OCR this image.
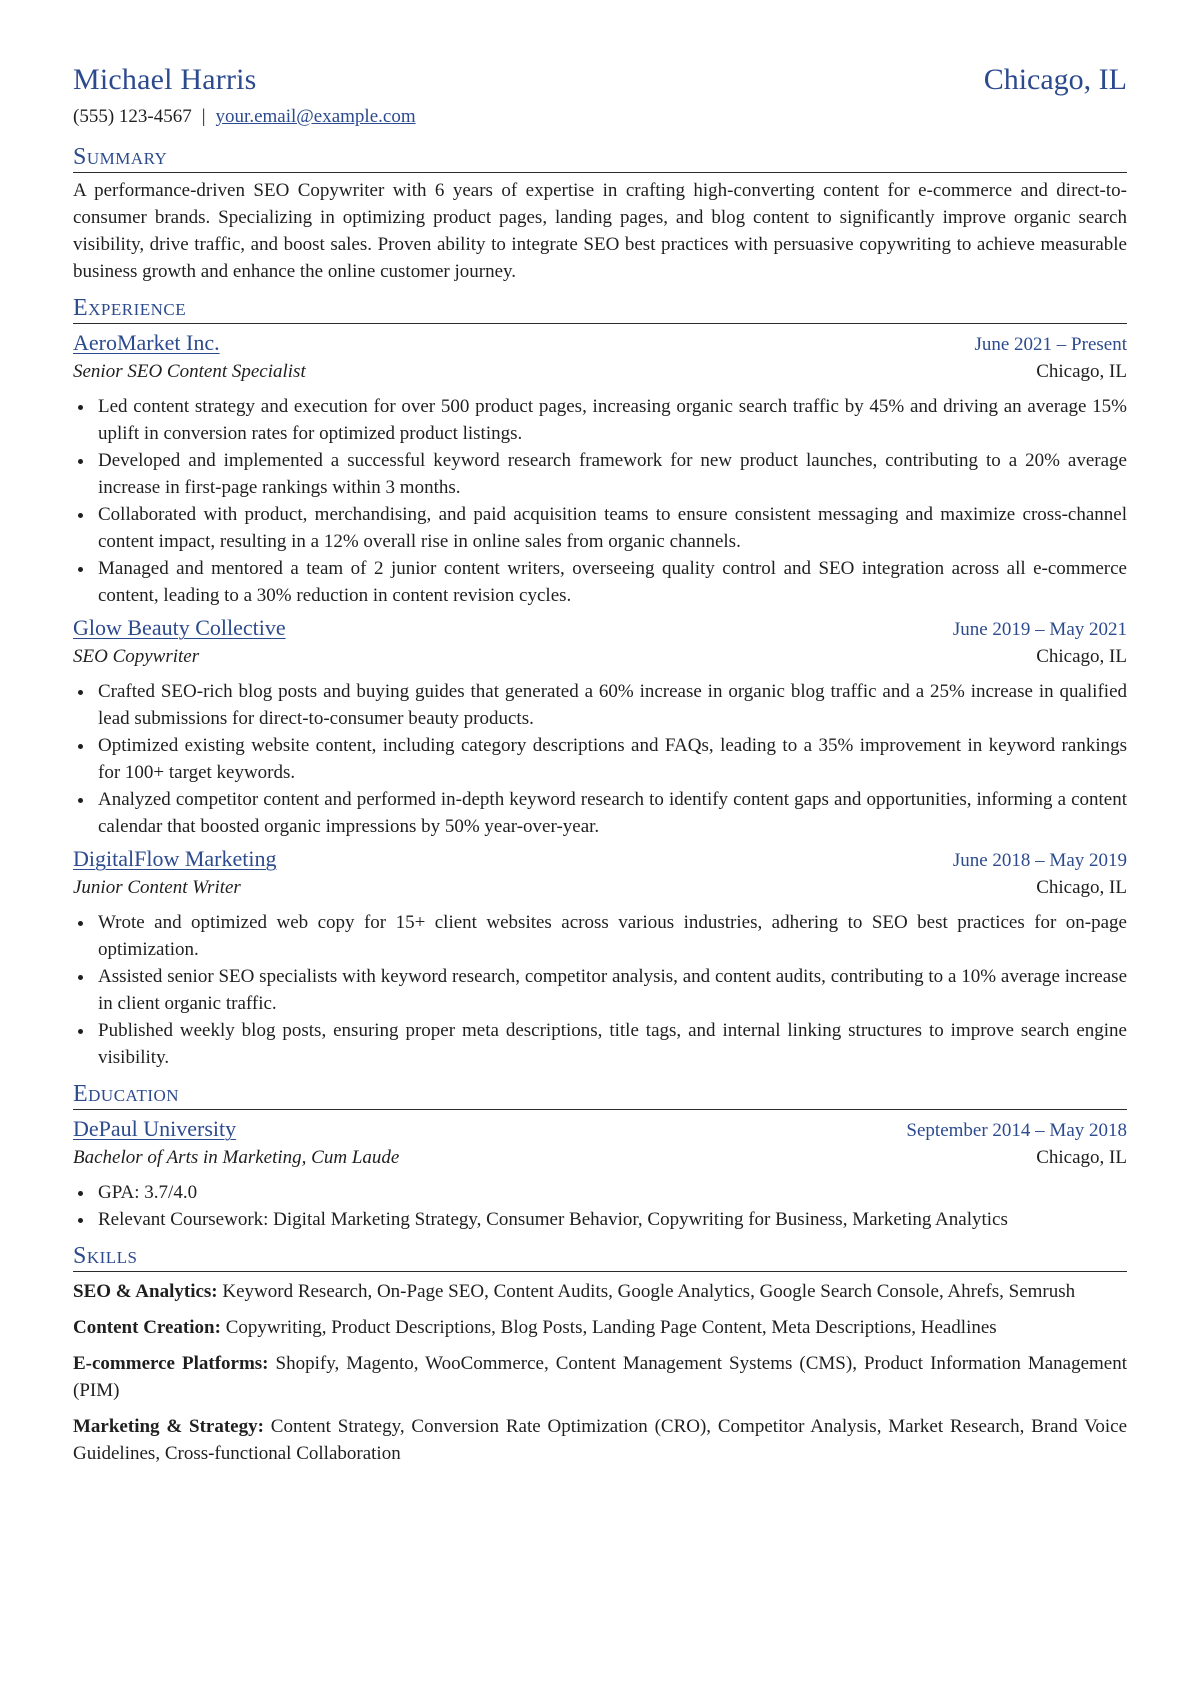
Michael Harris	Chicago, IL
(555) 123-4567 | your.email@example.com
Summary
A performance-driven SEO Copywriter with 6 years of expertise in crafting high-converting content for e-commerce and direct-to-consumer brands. Specializing in optimizing product pages, landing pages, and blog content to significantly improve organic search visibility, drive traffic, and boost sales. Proven ability to integrate SEO best practices with persuasive copywriting to achieve measurable business growth and enhance the online customer journey.
Experience
AeroMarket Inc.	June 2021 – Present
Senior SEO Content Specialist	Chicago, IL
Led content strategy and execution for over 500 product pages, increasing organic search traffic by 45% and driving an average 15% uplift in conversion rates for optimized product listings.
Developed and implemented a successful keyword research framework for new product launches, contributing to a 20% average increase in first-page rankings within 3 months.
Collaborated with product, merchandising, and paid acquisition teams to ensure consistent messaging and maximize cross-channel content impact, resulting in a 12% overall rise in online sales from organic channels.
Managed and mentored a team of 2 junior content writers, overseeing quality control and SEO integration across all e-commerce content, leading to a 30% reduction in content revision cycles.
Glow Beauty Collective	June 2019 – May 2021
SEO Copywriter	Chicago, IL
Crafted SEO-rich blog posts and buying guides that generated a 60% increase in organic blog traffic and a 25% increase in qualified lead submissions for direct-to-consumer beauty products.
Optimized existing website content, including category descriptions and FAQs, leading to a 35% improvement in keyword rankings for 100+ target keywords.
Analyzed competitor content and performed in-depth keyword research to identify content gaps and opportunities, informing a content calendar that boosted organic impressions by 50% year-over-year.
DigitalFlow Marketing	June 2018 – May 2019
Junior Content Writer	Chicago, IL
Wrote and optimized web copy for 15+ client websites across various industries, adhering to SEO best practices for on-page optimization.
Assisted senior SEO specialists with keyword research, competitor analysis, and content audits, contributing to a 10% average increase in client organic traffic.
Published weekly blog posts, ensuring proper meta descriptions, title tags, and internal linking structures to improve search engine visibility.
Education
DePaul University	September 2014 – May 2018
Bachelor of Arts in Marketing, Cum Laude	Chicago, IL
GPA: 3.7/4.0
Relevant Coursework: Digital Marketing Strategy, Consumer Behavior, Copywriting for Business, Marketing Analytics
Skills
SEO & Analytics: Keyword Research, On-Page SEO, Content Audits, Google Analytics, Google Search Console, Ahrefs, Semrush
Content Creation: Copywriting, Product Descriptions, Blog Posts, Landing Page Content, Meta Descriptions, Headlines
E-commerce Platforms: Shopify, Magento, WooCommerce, Content Management Systems (CMS), Product Information Management (PIM)
Marketing & Strategy: Content Strategy, Conversion Rate Optimization (CRO), Competitor Analysis, Market Research, Brand Voice Guidelines, Cross-functional Collaboration
